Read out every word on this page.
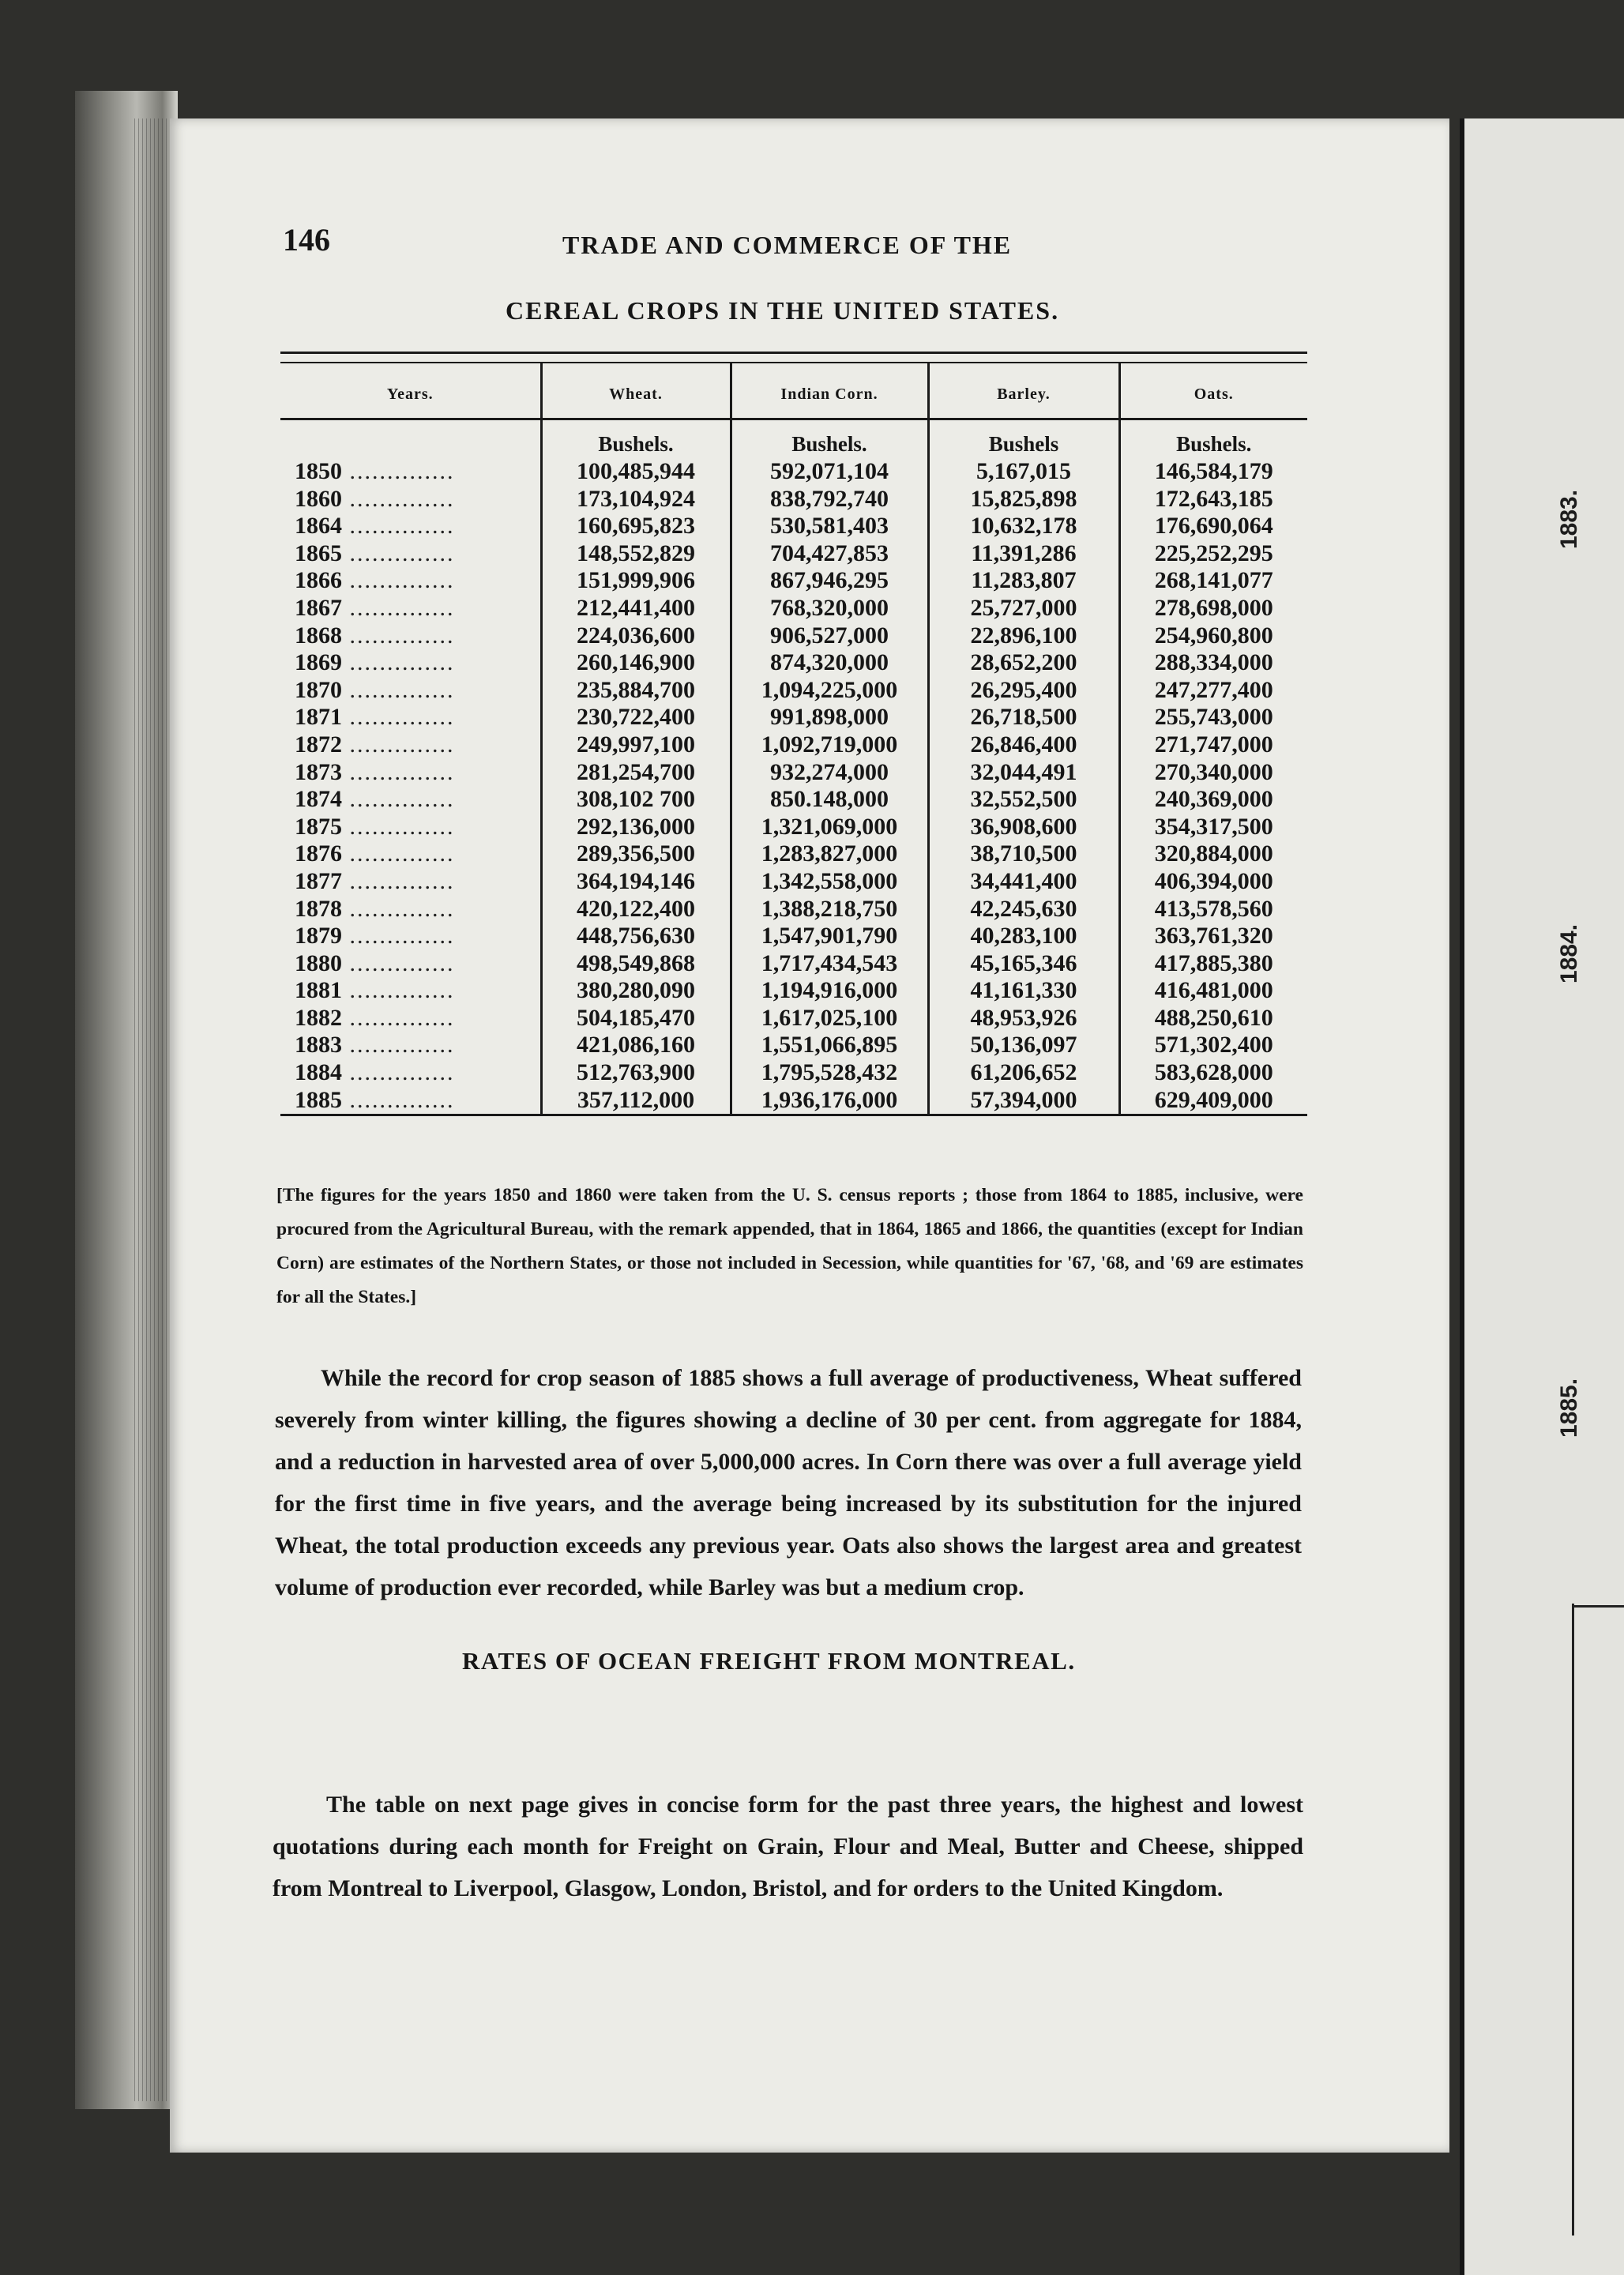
1883.
1884.
1885.
146	TRADE AND COMMERCE OF THE
CEREAL CROPS IN THE UNITED STATES.
Years.	Wheat.	Indian Corn.	Barley.	Oats.
	Bushels.	Bushels.	Bushels	Bushels.
1850 ..............	100,485,944	592,071,104	5,167,015	146,584,179
1860 ..............	173,104,924	838,792,740	15,825,898	172,643,185
1864 ..............	160,695,823	530,581,403	10,632,178	176,690,064
1865 ..............	148,552,829	704,427,853	11,391,286	225,252,295
1866 ..............	151,999,906	867,946,295	11,283,807	268,141,077
1867 ..............	212,441,400	768,320,000	25,727,000	278,698,000
1868 ..............	224,036,600	906,527,000	22,896,100	254,960,800
1869 ..............	260,146,900	874,320,000	28,652,200	288,334,000
1870 ..............	235,884,700	1,094,225,000	26,295,400	247,277,400
1871 ..............	230,722,400	991,898,000	26,718,500	255,743,000
1872 ..............	249,997,100	1,092,719,000	26,846,400	271,747,000
1873 ..............	281,254,700	932,274,000	32,044,491	270,340,000
1874 ..............	308,102 700	850.148,000	32,552,500	240,369,000
1875 ..............	292,136,000	1,321,069,000	36,908,600	354,317,500
1876 ..............	289,356,500	1,283,827,000	38,710,500	320,884,000
1877 ..............	364,194,146	1,342,558,000	34,441,400	406,394,000
1878 ..............	420,122,400	1,388,218,750	42,245,630	413,578,560
1879 ..............	448,756,630	1,547,901,790	40,283,100	363,761,320
1880 ..............	498,549,868	1,717,434,543	45,165,346	417,885,380
1881 ..............	380,280,090	1,194,916,000	41,161,330	416,481,000
1882 ..............	504,185,470	1,617,025,100	48,953,926	488,250,610
1883 ..............	421,086,160	1,551,066,895	50,136,097	571,302,400
1884 ..............	512,763,900	1,795,528,432	61,206,652	583,628,000
1885 ..............	357,112,000	1,936,176,000	57,394,000	629,409,000
[The figures for the years 1850 and 1860 were taken from the U. S. census reports ; those from 1864 to 1885, inclusive, were procured from the Agricultural Bureau, with the remark appended, that in 1864, 1865 and 1866, the quantities (except for Indian Corn) are estimates of the Northern States, or those not included in Secession, while quantities for '67, '68, and '69 are estimates for all the States.]
While the record for crop season of 1885 shows a full average of productiveness, Wheat suffered severely from winter killing, the figures showing a decline of 30 per cent. from aggregate for 1884, and a reduction in harvested area of over 5,000,000 acres. In Corn there was over a full average yield for the first time in five years, and the average being increased by its substitution for the injured Wheat, the total production exceeds any previous year. Oats also shows the largest area and greatest volume of production ever recorded, while Barley was but a medium crop.
RATES OF OCEAN FREIGHT FROM MONTREAL.
The table on next page gives in concise form for the past three years, the highest and lowest quotations during each month for Freight on Grain, Flour and Meal, Butter and Cheese, shipped from Montreal to Liverpool, Glasgow, London, Bristol, and for orders to the United Kingdom.
